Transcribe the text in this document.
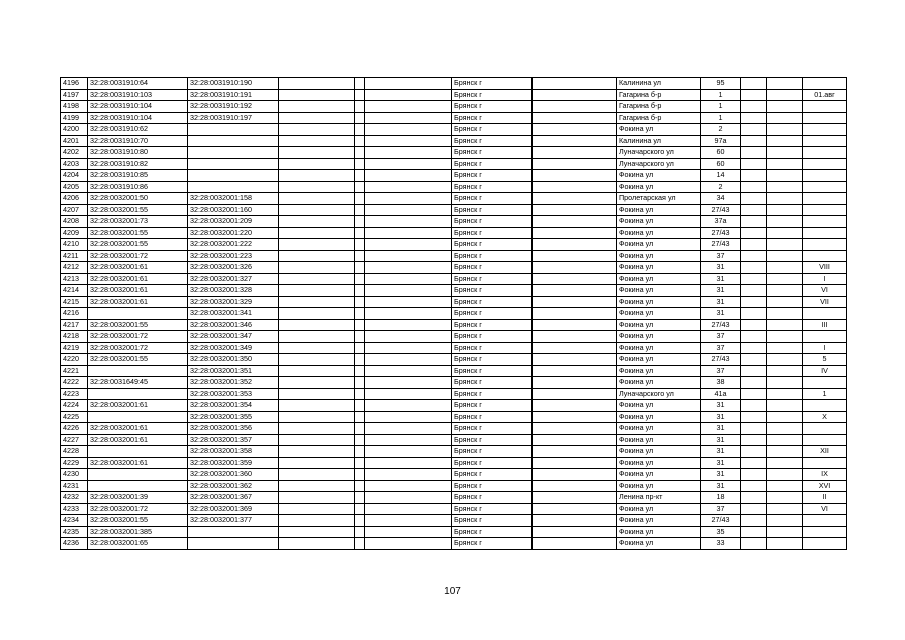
4196	32:28:0031910:64	32:28:0031910:190				Брянск г			Калинина ул	95			
4197	32:28:0031910:103	32:28:0031910:191				Брянск г			Гагарина б-р	1			01.авг
4198	32:28:0031910:104	32:28:0031910:192				Брянск г			Гагарина б-р	1			
4199	32:28:0031910:104	32:28:0031910:197				Брянск г			Гагарина б-р	1			
4200	32:28:0031910:62					Брянск г			Фокина ул	2			
4201	32:28:0031910:70					Брянск г			Калинина ул	97а			
4202	32:28:0031910:80					Брянск г			Луначарского ул	60			
4203	32:28:0031910:82					Брянск г			Луначарского ул	60			
4204	32:28:0031910:85					Брянск г			Фокина ул	14			
4205	32:28:0031910:86					Брянск г			Фокина ул	2			
4206	32:28:0032001:50	32:28:0032001:158				Брянск г			Пролетарская ул	34			
4207	32:28:0032001:55	32:28:0032001:160				Брянск г			Фокина ул	27/43			
4208	32:28:0032001:73	32:28:0032001:209				Брянск г			Фокина ул	37а			
4209	32:28:0032001:55	32:28:0032001:220				Брянск г			Фокина ул	27/43			
4210	32:28:0032001:55	32:28:0032001:222				Брянск г			Фокина ул	27/43			
4211	32:28:0032001:72	32:28:0032001:223				Брянск г			Фокина ул	37			
4212	32:28:0032001:61	32:28:0032001:326				Брянск г			Фокина ул	31			VIII
4213	32:28:0032001:61	32:28:0032001:327				Брянск г			Фокина ул	31			I
4214	32:28:0032001:61	32:28:0032001:328				Брянск г			Фокина ул	31			VI
4215	32:28:0032001:61	32:28:0032001:329				Брянск г			Фокина ул	31			VII
4216		32:28:0032001:341				Брянск г			Фокина ул	31			
4217	32:28:0032001:55	32:28:0032001:346				Брянск г			Фокина ул	27/43			III
4218	32:28:0032001:72	32:28:0032001:347				Брянск г			Фокина ул	37			
4219	32:28:0032001:72	32:28:0032001:349				Брянск г			Фокина ул	37			I
4220	32:28:0032001:55	32:28:0032001:350				Брянск г			Фокина ул	27/43			5
4221		32:28:0032001:351				Брянск г			Фокина ул	37			IV
4222	32:28:0031649:45	32:28:0032001:352				Брянск г			Фокина ул	38			
4223		32:28:0032001:353				Брянск г			Луначарского ул	41а			1
4224	32:28:0032001:61	32:28:0032001:354				Брянск г			Фокина ул	31			
4225		32:28:0032001:355				Брянск г			Фокина ул	31			X
4226	32:28:0032001:61	32:28:0032001:356				Брянск г			Фокина ул	31			
4227	32:28:0032001:61	32:28:0032001:357				Брянск г			Фокина ул	31			
4228		32:28:0032001:358				Брянск г			Фокина ул	31			XII
4229	32:28:0032001:61	32:28:0032001:359				Брянск г			Фокина ул	31			
4230		32:28:0032001:360				Брянск г			Фокина ул	31			IX
4231		32:28:0032001:362				Брянск г			Фокина ул	31			XVI
4232	32:28:0032001:39	32:28:0032001:367				Брянск г			Ленина пр-кт	18			II
4233	32:28:0032001:72	32:28:0032001:369				Брянск г			Фокина ул	37			VI
4234	32:28:0032001:55	32:28:0032001:377				Брянск г			Фокина ул	27/43			
4235	32:28:0032001:385					Брянск г			Фокина ул	35			
4236	32:28:0032001:65					Брянск г			Фокина ул	33			
107
